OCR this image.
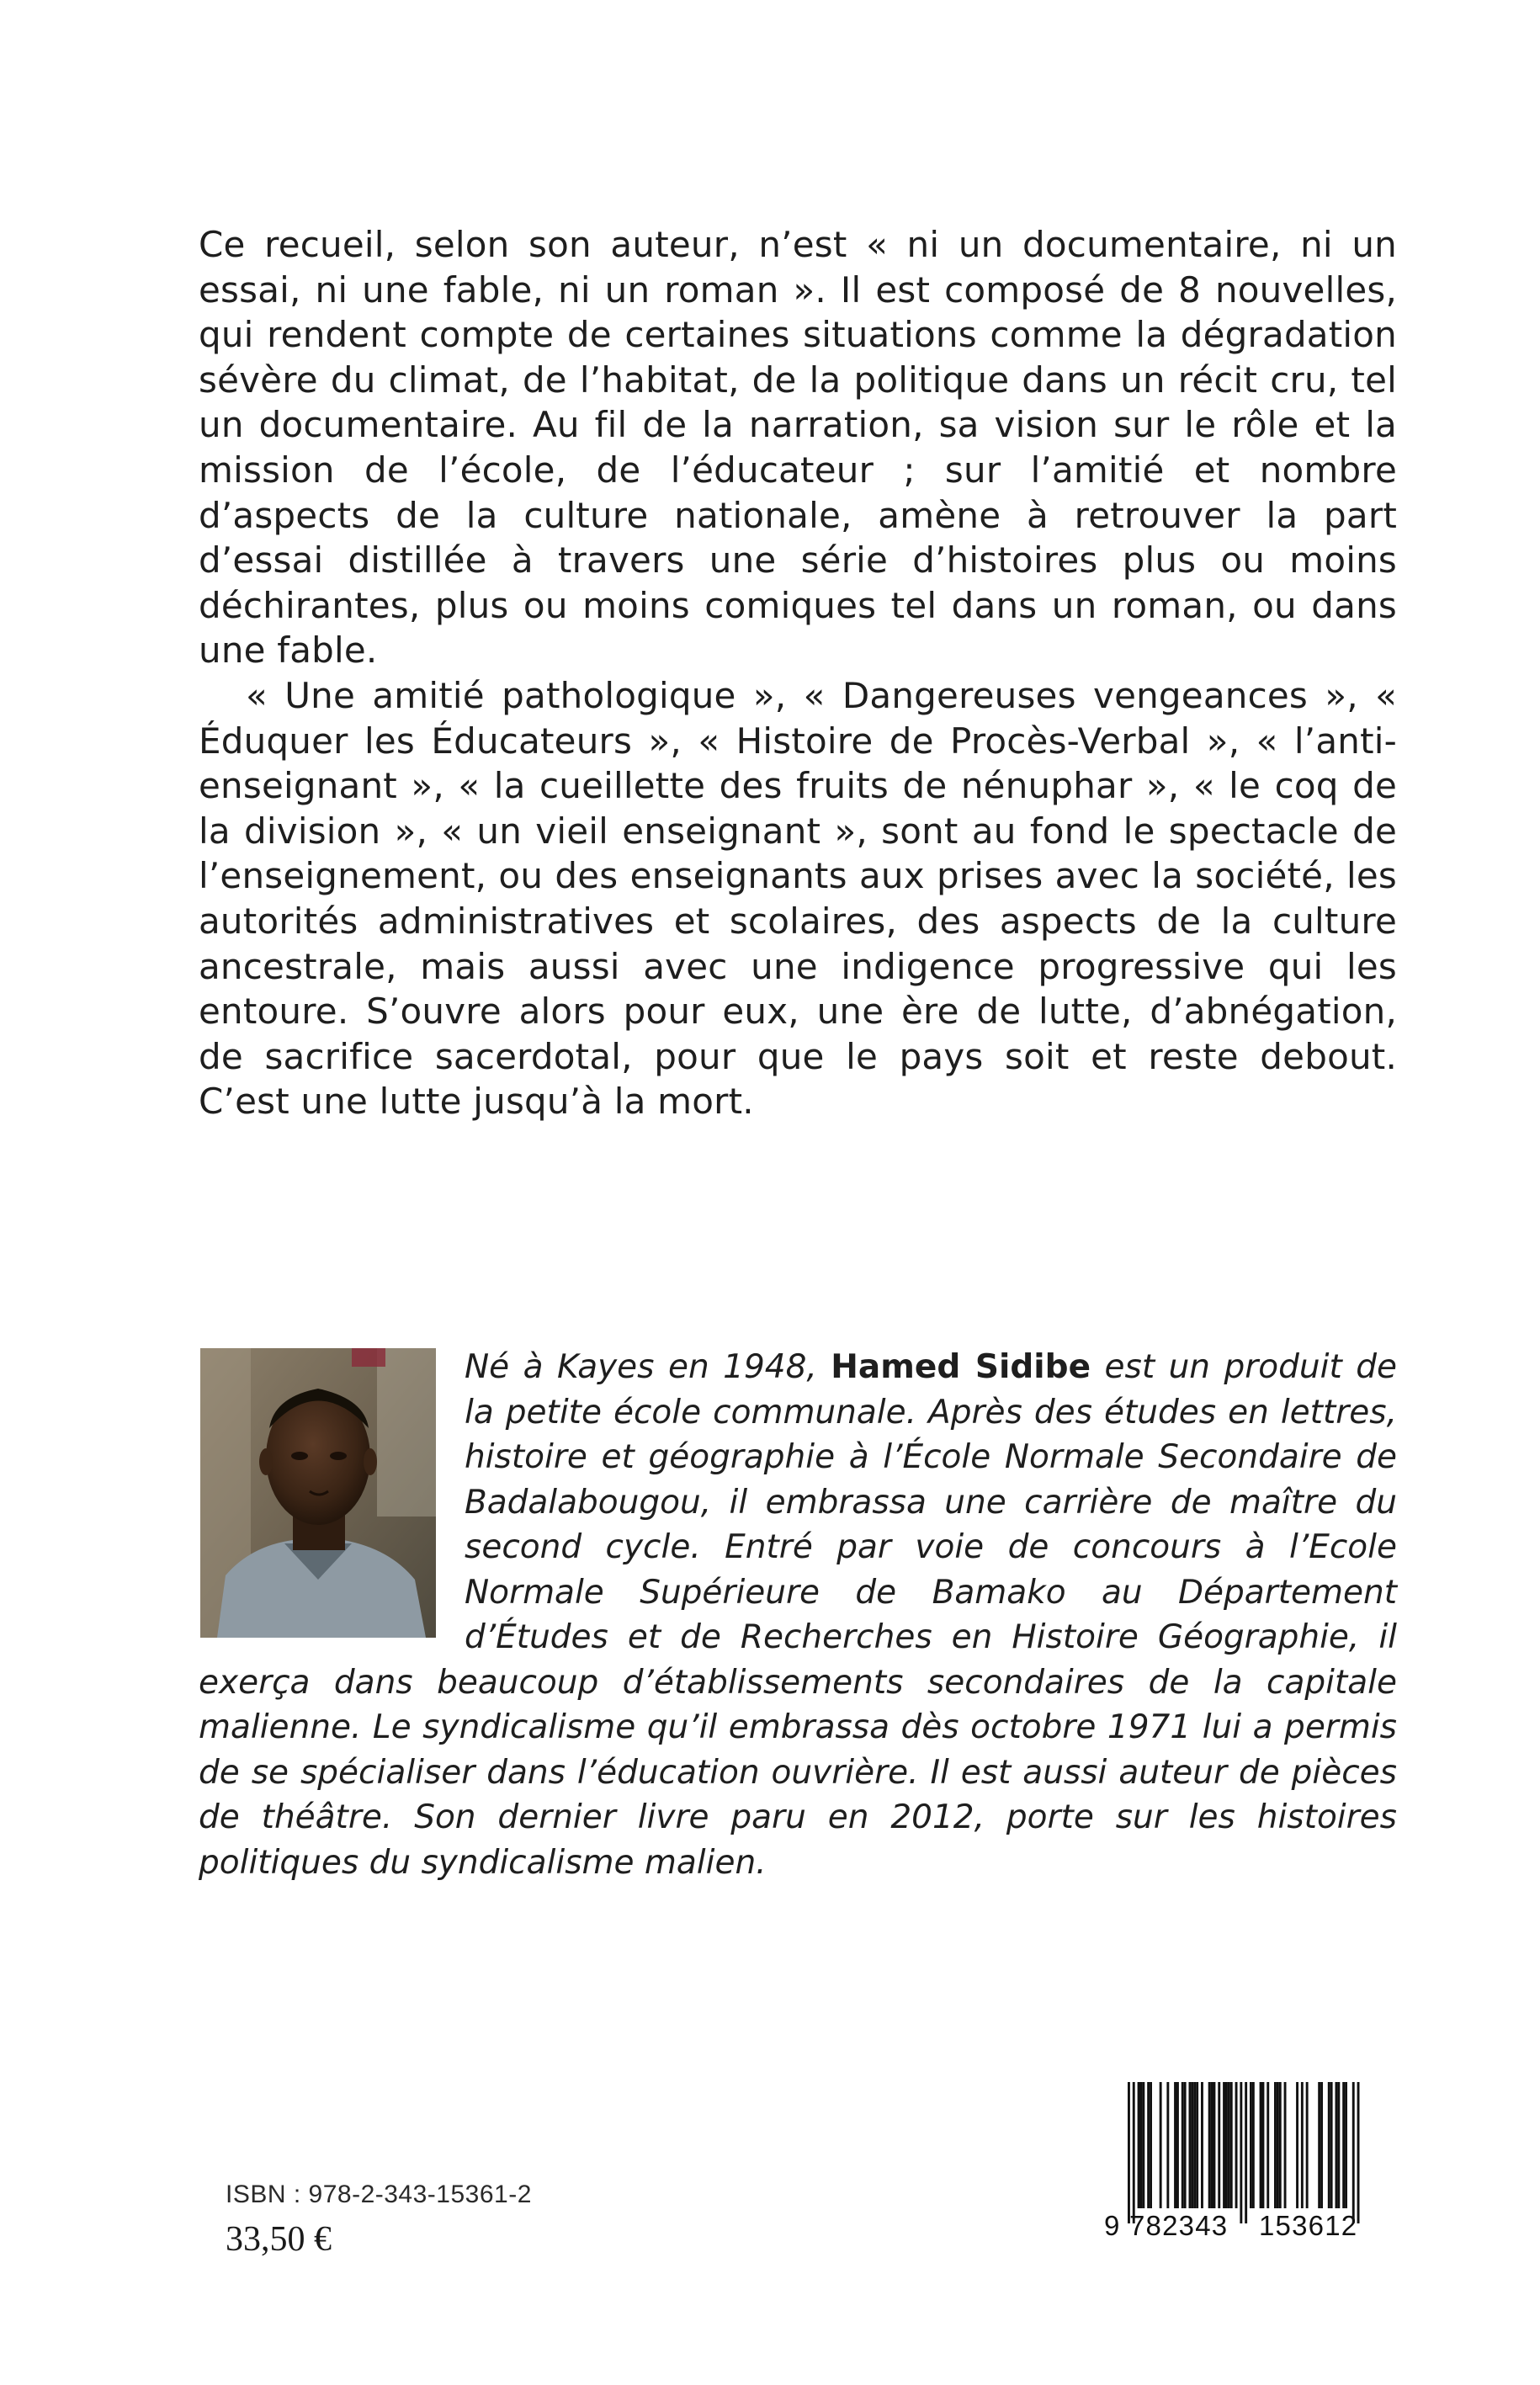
Ce recueil, selon son auteur, n’est « ni un documentaire, ni un essai, ni une fable, ni un roman ». Il est composé de 8 nouvelles, qui rendent compte de certaines situations comme la dégradation sévère du climat, de l’habitat, de la politique dans un récit cru, tel un documentaire. Au fil de la narration, sa vision sur le rôle et la mission de l’école, de l’éducateur ; sur l’amitié et nombre d’aspects de la culture nationale, amène à retrouver la part d’essai distillée à travers une série d’histoires plus ou moins déchirantes, plus ou moins comiques tel dans un roman, ou dans une fable.

« Une amitié pathologique », « Dangereuses vengeances », « Éduquer les Éducateurs », « Histoire de Procès-Verbal », « l’anti-enseignant », « la cueillette des fruits de nénuphar », « le coq de la division », « un vieil enseignant », sont au fond le spectacle de l’enseignement, ou des enseignants aux prises avec la société, les autorités administratives et scolaires, des aspects de la culture ancestrale, mais aussi avec une indigence progressive qui les entoure. S’ouvre alors pour eux, une ère de lutte, d’abnégation, de sacrifice sacerdotal, pour que le pays soit et reste debout. C’est une lutte jusqu’à la mort.

Né à Kayes en 1948, Hamed Sidibe est un produit de la petite école communale. Après des études en lettres, histoire et géographie à l’École Normale Secondaire de Badalabougou, il embrassa une carrière de maître du second cycle. Entré par voie de concours à l’Ecole Normale Supérieure de Bamako au Département d’Études et de Recherches en Histoire Géographie, il exerça dans beaucoup d’établissements secondaires de la capitale malienne. Le syndicalisme qu’il embrassa dès octobre 1971 lui a permis de se spécialiser dans l’éducation ouvrière. Il est aussi auteur de pièces de théâtre. Son dernier livre paru en 2012, porte sur les histoires politiques du syndicalisme malien.

ISBN : 978-2-343-15361-2
33,50 €	9 782343 153612
